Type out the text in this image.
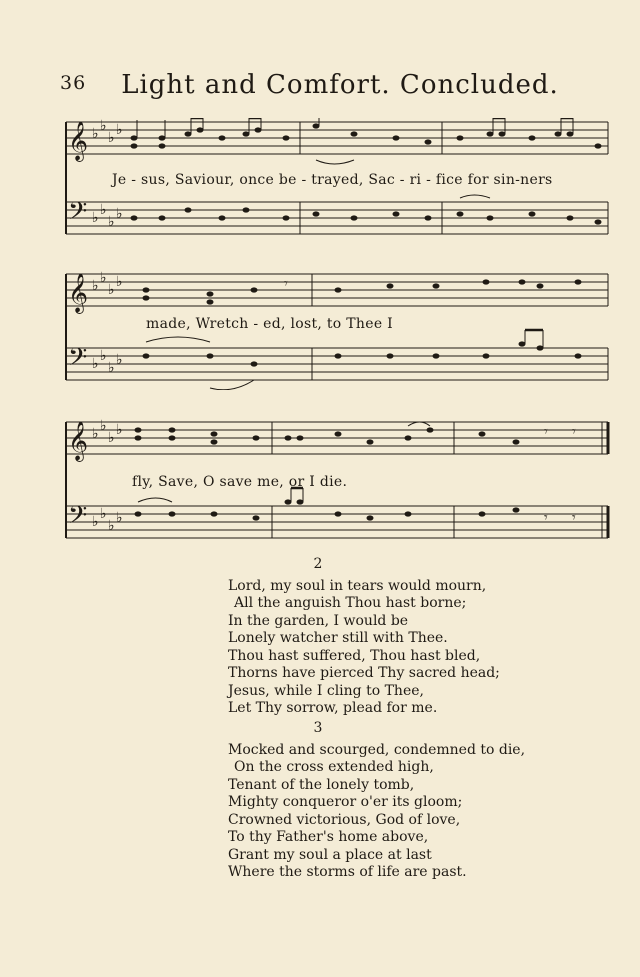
36	Light and Comfort. Concluded.
𝄞
𝄢
♭ ♭
♭ ♭
♭ ♭
♭ ♭
Je - sus, Saviour, once be - trayed, Sac - ri - fice for sin-ners
𝄞
𝄢
♭ ♭
♭ ♭
♭ ♭
♭ ♭
𝄾
made, Wretch - ed, lost, to Thee I
𝄞
𝄢
♭ ♭
♭ ♭
♭ ♭
♭ ♭
𝄾 𝄾
𝄾 𝄾
fly, Save, O save me, or I die.
2
Lord, my soul in tears would mourn,
All the anguish Thou hast borne;
In the garden, I would be
Lonely watcher still with Thee.
Thou hast suffered, Thou hast bled,
Thorns have pierced Thy sacred head;
Jesus, while I cling to Thee,
Let Thy sorrow, plead for me.
3
Mocked and scourged, condemned to die,
On the cross extended high,
Tenant of the lonely tomb,
Mighty conqueror o'er its gloom;
Crowned victorious, God of love,
To thy Father's home above,
Grant my soul a place at last
Where the storms of life are past.
